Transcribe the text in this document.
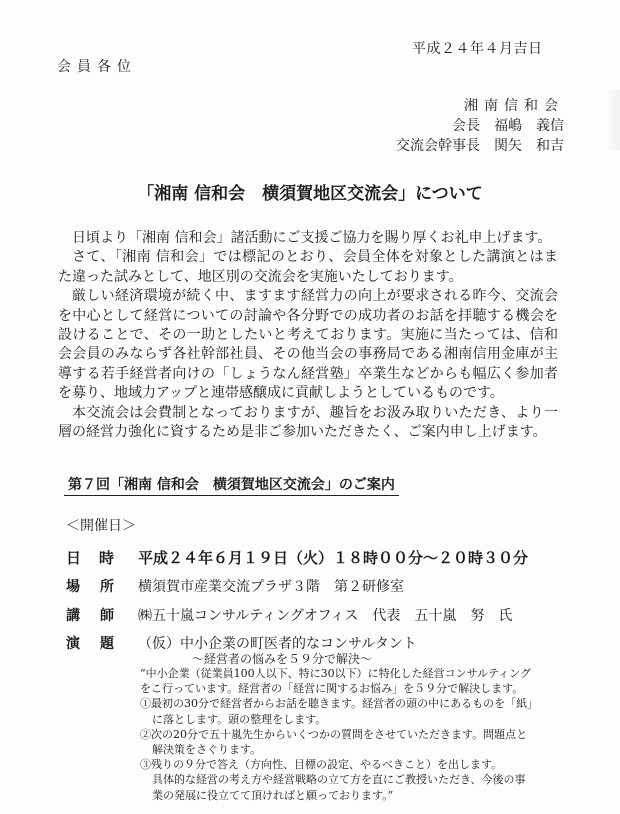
平成２４年４月吉日
会員各位
湘南信和会
会長　福嶋　義信
交流会幹事長　関矢　和吉
「湘南 信和会　横須賀地区交流会」について

日頃より「湘南 信和会」諸活動にご支援ご協力を賜り厚くお礼申上げます。

さて、「湘南 信和会」では標記のとおり、会員全体を対象とした講演とはまた違った試みとして、地区別の交流会を実施いたしております。

厳しい経済環境が続く中、ますます経営力の向上が要求される昨今、交流会を中心として経営についての討論や各分野での成功者のお話を拝聴する機会を設けることで、その一助としたいと考えております。実施に当たっては、信和会会員のみならず各社幹部社員、その他当会の事務局である湘南信用金庫が主導する若手経営者向けの「しょうなん経営塾」卒業生などからも幅広く参加者を募り、地域力アップと連帯感醸成に貢献しようとしているものです。

本交流会は会費制となっておりますが、趣旨をお汲み取りいただき、より一層の経営力強化に資するため是非ご参加いただきたく、ご案内申し上げます。

第７回「湘南 信和会　横須賀地区交流会」のご案内
＜開催日＞
日　時 平成２４年６月１９日（火）１８時００分～２０時３０分
場　所 横須賀市産業交流プラザ３階　第２研修室
講　師 ㈱五十嵐コンサルティングオフィス　代表　五十嵐　努　氏
演　題 （仮）中小企業の町医者的なコンサルタント
～経営者の悩みを５９分で解決～

“中小企業（従業員100人以下、特に30以下）に特化した経営コンサルティング

をこ行っています。経営者の「経営に関するお悩み」を５９分で解決します。

①最初の30分で経営者からお話を聴きます。経営者の頭の中にあるものを「紙」

に落とします。頭の整理をします。

②次の20分で五十嵐先生からいくつかの質問をさせていただきます。問題点と

解決策をさぐります。

③残りの９分で答え（方向性、目標の設定、やるべきこと）を出します。

具体的な経営の考え方や経営戦略の立て方を直にご教授いただき、今後の事

業の発展に役立てて頂ければと願っております。”
